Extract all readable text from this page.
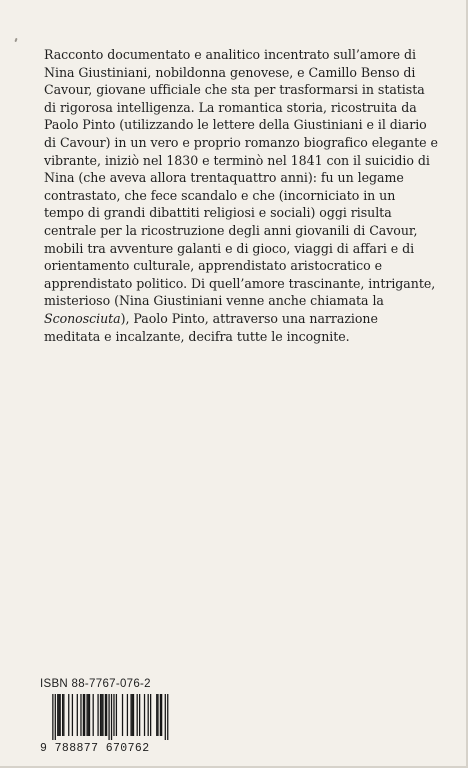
Racconto documentato e analitico incentrato sull’amore di Nina Giustiniani, nobildonna genovese, e Camillo Benso di Cavour, giovane ufficiale che sta per trasformarsi in statista di rigorosa intelligenza. La romantica storia, ricostruita da Paolo Pinto (utilizzando le lettere della Giustiniani e il diario di Cavour) in un vero e proprio romanzo biografico elegante e vibrante, iniziò nel 1830 e terminò nel 1841 con il suicidio di Nina (che aveva allora trentaquattro anni): fu un legame contrastato, che fece scandalo e che (incorniciato in un tempo di grandi dibattiti religiosi e sociali) oggi risulta centrale per la ricostruzione degli anni giovanili di Cavour, mobili tra avventure galanti e di gioco, viaggi di affari e di orientamento culturale, apprendistato aristocratico e apprendistato politico. Di quell’amore trascinante, intrigante, misterioso (Nina Giustiniani venne anche chiamata la Sconosciuta), Paolo Pinto, attraverso una narrazione meditata e incalzante, decifra tutte le incognite.

ISBN 88-7767-076-2
9 788877 670762
